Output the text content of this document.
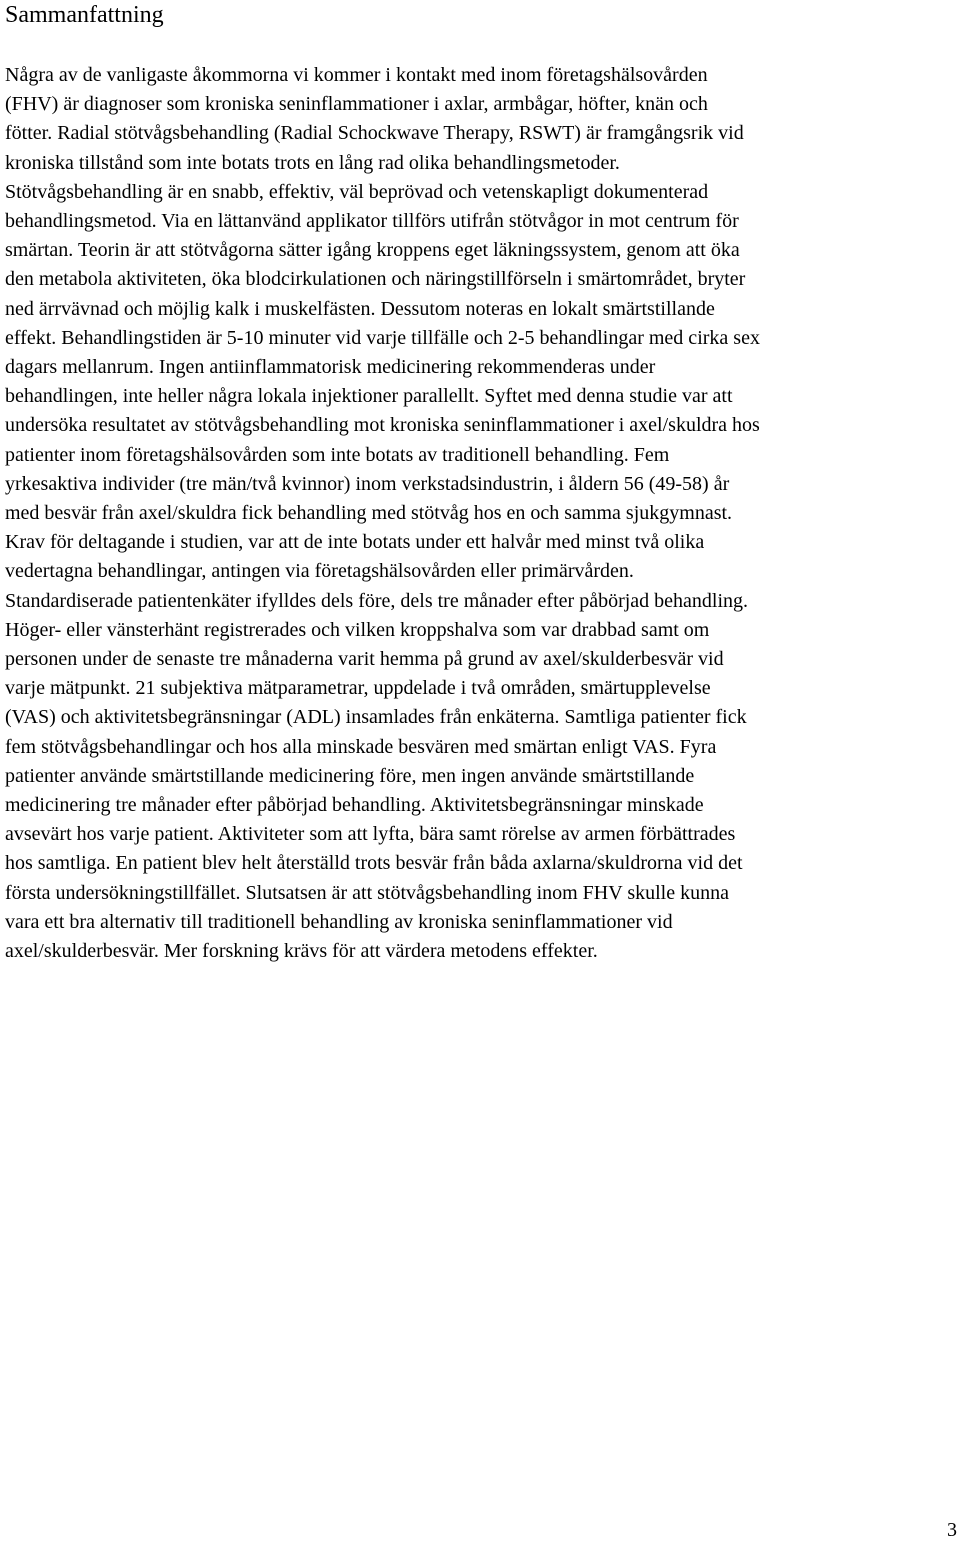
Sammanfattning

Några av de vanligaste åkommorna vi kommer i kontakt med inom företagshälsovården
(FHV) är diagnoser som kroniska seninflammationer i axlar, armbågar, höfter, knän och
fötter. Radial stötvågsbehandling (Radial Schockwave Therapy, RSWT) är framgångsrik vid
kroniska tillstånd som inte botats trots en lång rad olika behandlingsmetoder.
Stötvågsbehandling är en snabb, effektiv, väl beprövad och vetenskapligt dokumenterad
behandlingsmetod. Via en lättanvänd applikator tillförs utifrån stötvågor in mot centrum för
smärtan. Teorin är att stötvågorna sätter igång kroppens eget läkningssystem, genom att öka
den metabola aktiviteten, öka blodcirkulationen och näringstillförseln i smärtområdet, bryter
ned ärrvävnad och möjlig kalk i muskelfästen. Dessutom noteras en lokalt smärtstillande
effekt. Behandlingstiden är 5-10 minuter vid varje tillfälle och 2-5 behandlingar med cirka sex
dagars mellanrum. Ingen antiinflammatorisk medicinering rekommenderas under
behandlingen, inte heller några lokala injektioner parallellt. Syftet med denna studie var att
undersöka resultatet av stötvågsbehandling mot kroniska seninflammationer i axel/skuldra hos
patienter inom företagshälsovården som inte botats av traditionell behandling. Fem
yrkesaktiva individer (tre män/två kvinnor) inom verkstadsindustrin, i åldern 56 (49-58) år
med besvär från axel/skuldra fick behandling med stötvåg hos en och samma sjukgymnast.
Krav för deltagande i studien, var att de inte botats under ett halvår med minst två olika
vedertagna behandlingar, antingen via företagshälsovården eller primärvården.
Standardiserade patientenkäter ifylldes dels före, dels tre månader efter påbörjad behandling.
Höger- eller vänsterhänt registrerades och vilken kroppshalva som var drabbad samt om
personen under de senaste tre månaderna varit hemma på grund av axel/skulderbesvär vid
varje mätpunkt. 21 subjektiva mätparametrar, uppdelade i två områden, smärtupplevelse
(VAS) och aktivitetsbegränsningar (ADL) insamlades från enkäterna. Samtliga patienter fick
fem stötvågsbehandlingar och hos alla minskade besvären med smärtan enligt VAS. Fyra
patienter använde smärtstillande medicinering före, men ingen använde smärtstillande
medicinering tre månader efter påbörjad behandling. Aktivitetsbegränsningar minskade
avsevärt hos varje patient. Aktiviteter som att lyfta, bära samt rörelse av armen förbättrades
hos samtliga. En patient blev helt återställd trots besvär från båda axlarna/skuldrorna vid det
första undersökningstillfället. Slutsatsen är att stötvågsbehandling inom FHV skulle kunna
vara ett bra alternativ till traditionell behandling av kroniska seninflammationer vid
axel/skulderbesvär. Mer forskning krävs för att värdera metodens effekter.

3
